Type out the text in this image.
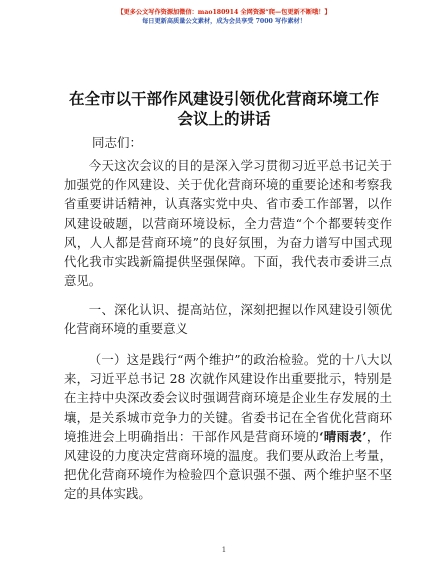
【更多公文写作资源加微信：mao180914 全网资源“爬—包更新不断哦！】
每日更新高质量公文素材，成为会员享受 7000 写作素材！
在全市以干部作风建设引领优化营商环境工作
会议上的讲话
同志们：

今天这次会议的目的是深入学习贯彻习近平总书记关于加强党的作风建设、关于优化营商环境的重要论述和考察我省重要讲话精神，认真落实党中央、省市委工作部署，以作风建设破题，以营商环境设标，全力营造“个个都要转变作风，人人都是营商环境”的良好氛围，为奋力谱写中国式现代化我市实践新篇提供坚强保障。下面，我代表市委讲三点意见。

一、深化认识、提高站位，深刻把握以作风建设引领优化营商环境的重要意义

（一）这是践行“两个维护”的政治检验。党的十八大以来，习近平总书记 28 次就作风建设作出重要批示，特别是在主持中央深改委会议时强调营商环境是企业生存发展的土壤，是关系城市竞争力的关键。省委书记在全省优化营商环境推进会上明确指出：干部作风是营商环境的‘晴雨表’，作风建设的力度决定营商环境的温度。我们要从政治上考量，把优化营商环境作为检验四个意识强不强、两个维护坚不坚定的具体实践。

1
